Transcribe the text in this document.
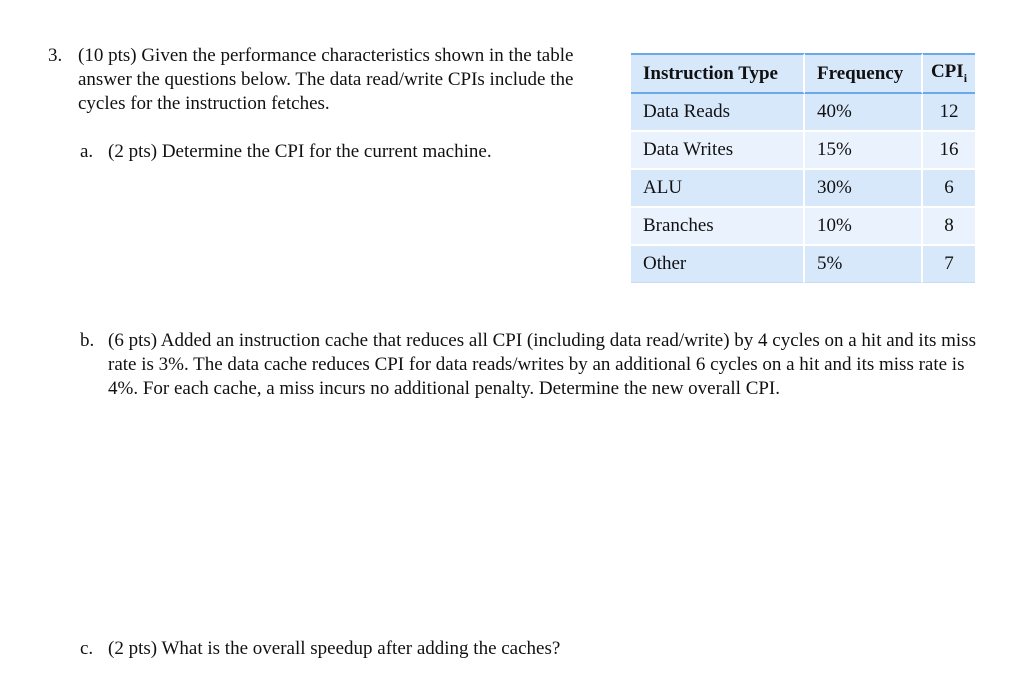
3. (10 pts) Given the performance characteristics shown in the table answer the questions below. The data read/write CPIs include the cycles for the instruction fetches.
Instruction Type	Frequency	$CPI_i$
Data Reads	40%	12
Data Writes	15%	16
ALU	30%	6
Branches	10%	8
Other	5%	7
a. (2 pts) Determine the CPI for the current machine.
b. (6 pts) Added an instruction cache that reduces all CPI (including data read/write) by 4 cycles on a hit and its miss rate is 3%. The data cache reduces CPI for data reads/writes by an additional 6 cycles on a hit and its miss rate is 4%. For each cache, a miss incurs no additional penalty. Determine the new overall CPI.
c. (2 pts) What is the overall speedup after adding the caches?
